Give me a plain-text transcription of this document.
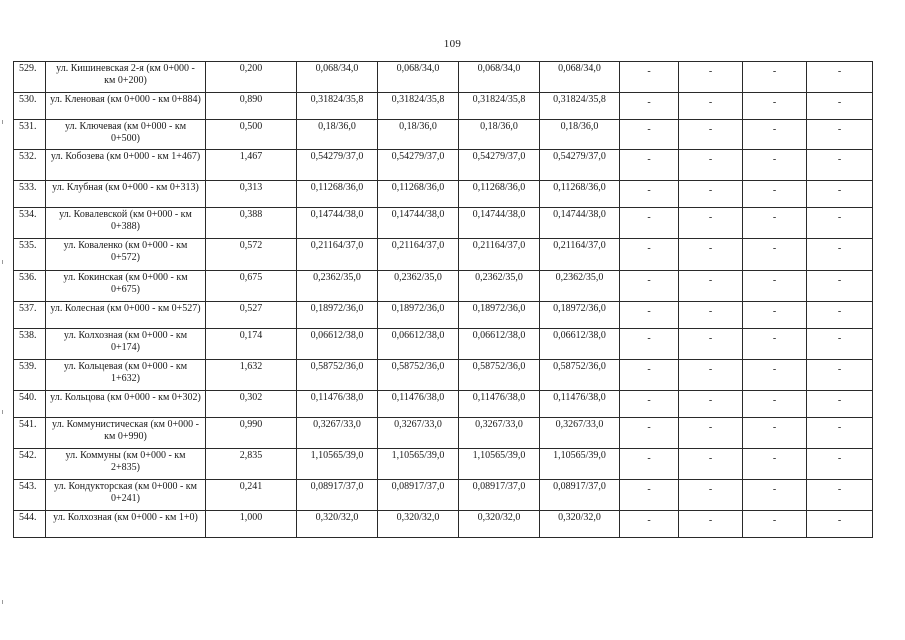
109
529.	ул. Кишиневская 2-я (км 0+000 - км 0+200)	0,200	0,068/34,0	0,068/34,0	0,068/34,0	0,068/34,0	-	-	-	-
530.	ул. Кленовая (км 0+000 - км 0+884)	0,890	0,31824/35,8	0,31824/35,8	0,31824/35,8	0,31824/35,8	-	-	-	-
531.	ул. Ключевая (км 0+000 - км 0+500)	0,500	0,18/36,0	0,18/36,0	0,18/36,0	0,18/36,0	-	-	-	-
532.	ул. Кобозева (км 0+000 - км 1+467)	1,467	0,54279/37,0	0,54279/37,0	0,54279/37,0	0,54279/37,0	-	-	-	-
533.	ул. Клубная (км 0+000 - км 0+313)	0,313	0,11268/36,0	0,11268/36,0	0,11268/36,0	0,11268/36,0	-	-	-	-
534.	ул. Ковалевской (км 0+000 - км 0+388)	0,388	0,14744/38,0	0,14744/38,0	0,14744/38,0	0,14744/38,0	-	-	-	-
535.	ул. Коваленко (км 0+000 - км 0+572)	0,572	0,21164/37,0	0,21164/37,0	0,21164/37,0	0,21164/37,0	-	-	-	-
536.	ул. Кокинская (км 0+000 - км 0+675)	0,675	0,2362/35,0	0,2362/35,0	0,2362/35,0	0,2362/35,0	-	-	-	-
537.	ул. Колесная (км 0+000 - км 0+527)	0,527	0,18972/36,0	0,18972/36,0	0,18972/36,0	0,18972/36,0	-	-	-	-
538.	ул. Колхозная (км 0+000 - км 0+174)	0,174	0,06612/38,0	0,06612/38,0	0,06612/38,0	0,06612/38,0	-	-	-	-
539.	ул. Кольцевая (км 0+000 - км 1+632)	1,632	0,58752/36,0	0,58752/36,0	0,58752/36,0	0,58752/36,0	-	-	-	-
540.	ул. Кольцова (км 0+000 - км 0+302)	0,302	0,11476/38,0	0,11476/38,0	0,11476/38,0	0,11476/38,0	-	-	-	-
541.	ул. Коммунистическая (км 0+000 - км 0+990)	0,990	0,3267/33,0	0,3267/33,0	0,3267/33,0	0,3267/33,0	-	-	-	-
542.	ул. Коммуны (км 0+000 - км 2+835)	2,835	1,10565/39,0	1,10565/39,0	1,10565/39,0	1,10565/39,0	-	-	-	-
543.	ул. Кондукторская (км 0+000 - км 0+241)	0,241	0,08917/37,0	0,08917/37,0	0,08917/37,0	0,08917/37,0	-	-	-	-
544.	ул. Колхозная (км 0+000 - км 1+0)	1,000	0,320/32,0	0,320/32,0	0,320/32,0	0,320/32,0	-	-	-	-
